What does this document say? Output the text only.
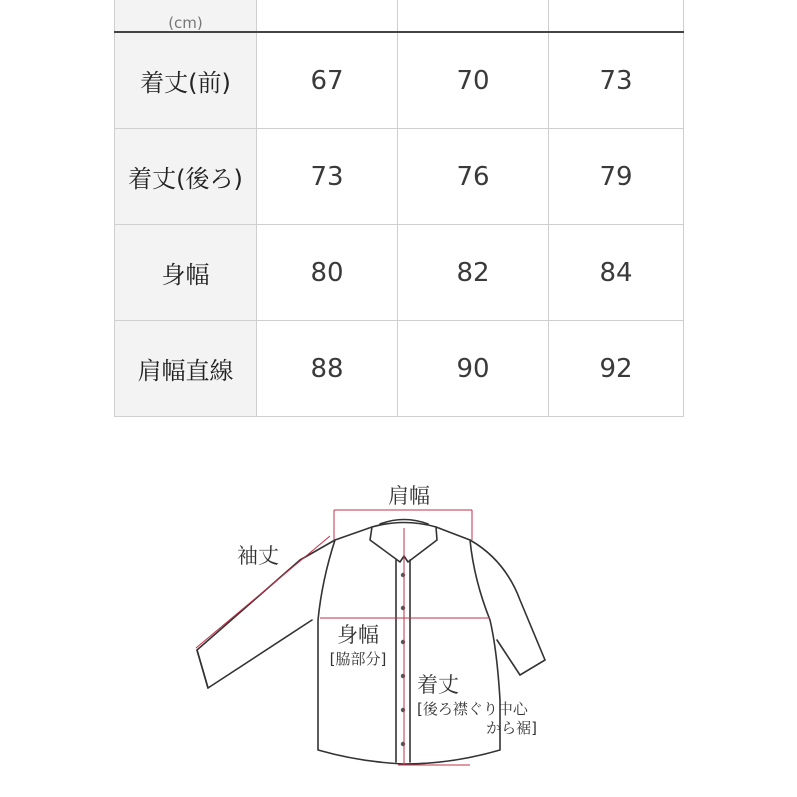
(cm)			
着丈(前)	67	70	73
着丈(後ろ)	73	76	79
身幅	80	82	84
肩幅直線	88	90	92
肩幅
袖丈
身幅
[脇部分]
着丈
[後ろ襟ぐり中心
から裾]
